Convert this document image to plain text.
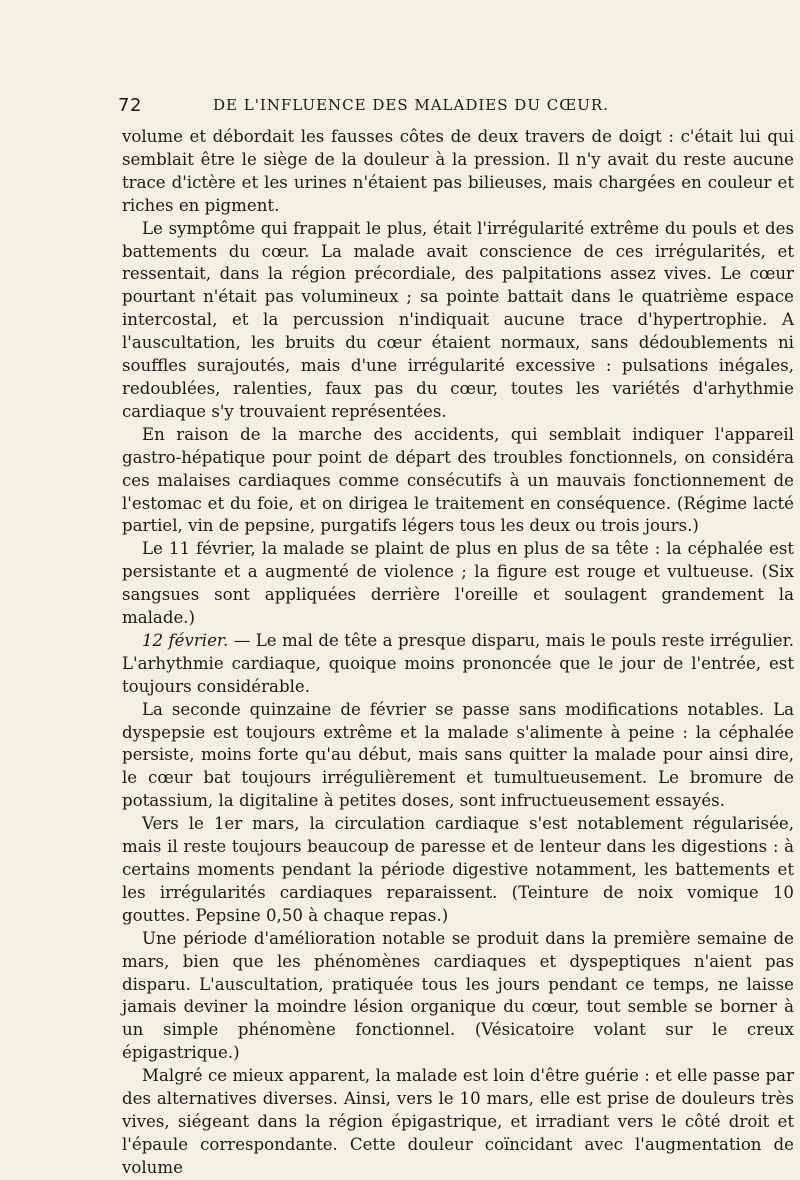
72	DE L'INFLUENCE DES MALADIES DU CŒUR.

volume et débordait les fausses côtes de deux travers de doigt : c'était lui qui semblait être le siège de la douleur à la pression. Il n'y avait du reste aucune trace d'ictère et les urines n'étaient pas bilieuses, mais chargées en couleur et riches en pigment.

Le symptôme qui frappait le plus, était l'irrégularité extrême du pouls et des battements du cœur. La malade avait conscience de ces irrégularités, et ressentait, dans la région précordiale, des palpitations assez vives. Le cœur pourtant n'était pas volumineux ; sa pointe battait dans le quatrième espace intercostal, et la percussion n'indiquait aucune trace d'hypertrophie. A l'auscultation, les bruits du cœur étaient normaux, sans dédoublements ni souffles surajoutés, mais d'une irrégularité excessive : pulsations inégales, redoublées, ralenties, faux pas du cœur, toutes les variétés d'arhythmie cardiaque s'y trouvaient représentées.

En raison de la marche des accidents, qui semblait indiquer l'appareil gastro-hépatique pour point de départ des troubles fonctionnels, on considéra ces malaises cardiaques comme consécutifs à un mauvais fonctionnement de l'estomac et du foie, et on dirigea le traitement en conséquence. (Régime lacté partiel, vin de pepsine, purgatifs légers tous les deux ou trois jours.)

Le 11 février, la malade se plaint de plus en plus de sa tête : la céphalée est persistante et a augmenté de violence ; la figure est rouge et vultueuse. (Six sangsues sont appliquées derrière l'oreille et soulagent grandement la malade.)

12 février. — Le mal de tête a presque disparu, mais le pouls reste irrégulier. L'arhythmie cardiaque, quoique moins prononcée que le jour de l'entrée, est toujours considérable.

La seconde quinzaine de février se passe sans modifications notables. La dyspepsie est toujours extrême et la malade s'alimente à peine : la céphalée persiste, moins forte qu'au début, mais sans quitter la malade pour ainsi dire, le cœur bat toujours irrégulièrement et tumultueusement. Le bromure de potassium, la digitaline à petites doses, sont infructueusement essayés.

Vers le 1er mars, la circulation cardiaque s'est notablement régularisée, mais il reste toujours beaucoup de paresse et de lenteur dans les digestions : à certains moments pendant la période digestive notamment, les battements et les irrégularités cardiaques reparaissent. (Teinture de noix vomique 10 gouttes. Pepsine 0,50 à chaque repas.)

Une période d'amélioration notable se produit dans la première semaine de mars, bien que les phénomènes cardiaques et dyspeptiques n'aient pas disparu. L'auscultation, pratiquée tous les jours pendant ce temps, ne laisse jamais deviner la moindre lésion organique du cœur, tout semble se borner à un simple phénomène fonctionnel. (Vésicatoire volant sur le creux épigastrique.)

Malgré ce mieux apparent, la malade est loin d'être guérie : et elle passe par des alternatives diverses. Ainsi, vers le 10 mars, elle est prise de douleurs très vives, siégeant dans la région épigastrique, et irradiant vers le côté droit et l'épaule correspondante. Cette douleur coïncidant avec l'augmentation de volume
